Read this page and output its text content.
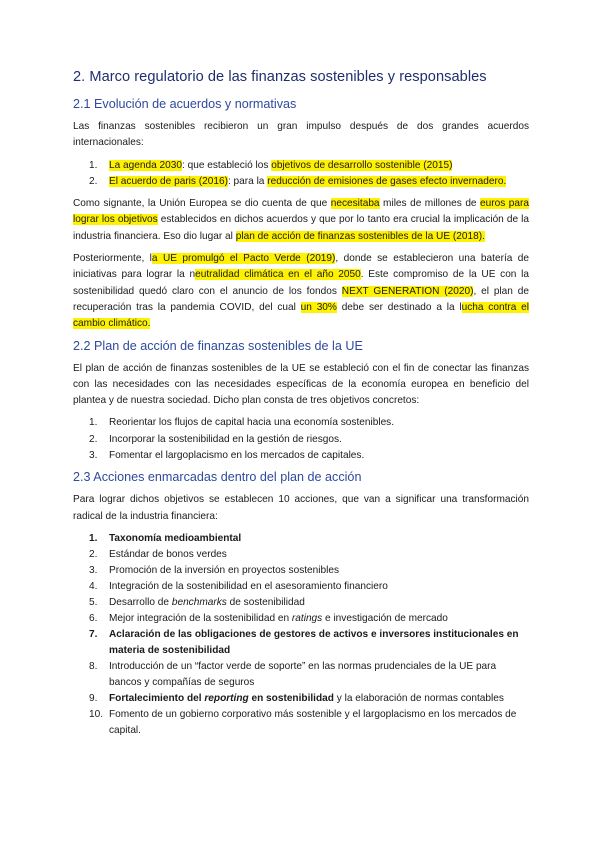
2. Marco regulatorio de las finanzas sostenibles y responsables
2.1 Evolución de acuerdos y normativas

Las finanzas sostenibles recibieron un gran impulso después de dos grandes acuerdos internacionales:

1.	La agenda 2030: que estableció los objetivos de desarrollo sostenible (2015)
2.	El acuerdo de paris (2016): para la reducción de emisiones de gases efecto invernadero.

Como signante, la Unión Europea se dio cuenta de que necesitaba miles de millones de euros para lograr los objetivos establecidos en dichos acuerdos y que por lo tanto era crucial la implicación de la industria financiera. Eso dio lugar al plan de acción de finanzas sostenibles de la UE (2018).

Posteriormente, la UE promulgó el Pacto Verde (2019), donde se establecieron una batería de iniciativas para lograr la neutralidad climática en el año 2050. Este compromiso de la UE con la sostenibilidad quedó claro con el anuncio de los fondos NEXT GENERATION (2020), el plan de recuperación tras la pandemia COVID, del cual un 30% debe ser destinado a la lucha contra el cambio climático.

2.2 Plan de acción de finanzas sostenibles de la UE

El plan de acción de finanzas sostenibles de la UE se estableció con el fin de conectar las finanzas con las necesidades con las necesidades específicas de la economía europea en beneficio del plantea y de nuestra sociedad. Dicho plan consta de tres objetivos concretos:

1.	Reorientar los flujos de capital hacia una economía sostenibles.
2.	Incorporar la sostenibilidad en la gestión de riesgos.
3.	Fomentar el largoplacismo en los mercados de capitales.
2.3 Acciones enmarcadas dentro del plan de acción

Para lograr dichos objetivos se establecen 10 acciones, que van a significar una transformación radical de la industria financiera:

1.	Taxonomía medioambiental
2.	Estándar de bonos verdes
3.	Promoción de la inversión en proyectos sostenibles
4.	Integración de la sostenibilidad en el asesoramiento financiero
5.	Desarrollo de benchmarks de sostenibilidad
6.	Mejor integración de la sostenibilidad en ratings e investigación de mercado
7.	Aclaración de las obligaciones de gestores de activos e inversores institucionales en materia de sostenibilidad
8.	Introducción de un “factor verde de soporte” en las normas prudenciales de la UE para bancos y compañías de seguros
9.	Fortalecimiento del reporting en sostenibilidad y la elaboración de normas contables
10. Fomento de un gobierno corporativo más sostenible y el largoplacismo en los mercados de capital.
